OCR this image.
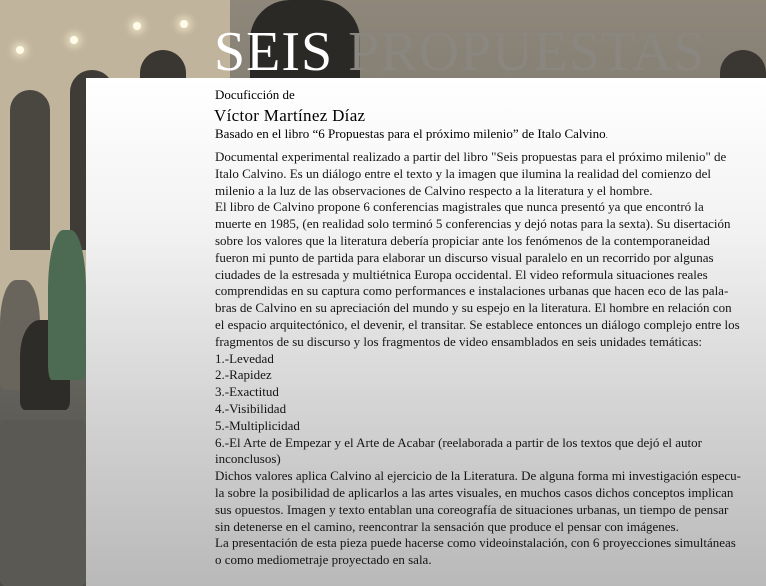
SEIS PROPUESTAS
Docuficción de
Víctor Martínez Díaz
Basado en el libro “6 Propuestas para el próximo milenio” de Italo Calvino.

Documental experimental realizado a partir del libro "Seis propuestas para el próximo milenio" de Italo Calvino. Es un diálogo entre el texto y la imagen que ilumina la realidad del comienzo del milenio a la luz de las observaciones de Calvino respecto a la literatura y el hombre.

El libro de Calvino propone 6 conferencias magistrales que nunca presentó ya que encontró la muerte en 1985, (en realidad solo terminó 5 conferencias y dejó notas para la sexta). Su disertación sobre los valores que la literatura debería propiciar ante los fenómenos de la contemporaneidad fueron mi punto de partida para elaborar un discurso visual paralelo en un recorrido por algunas ciudades de la estresada y multiétnica Europa occidental. El video reformula situaciones reales comprendidas en su captura como performances e instalaciones urbanas que hacen eco de las pala-bras de Calvino en su apreciación del mundo y su espejo en la literatura. El hombre en relación con el espacio arquitectónico, el devenir, el transitar. Se establece entonces un diálogo complejo entre los fragmentos de su discurso y los fragmentos de video ensamblados en seis unidades temáticas:

1.-Levedad
2.-Rapidez
3.-Exactitud
4.-Visibilidad
5.-Multiplicidad
6.-El Arte de Empezar y el Arte de Acabar (reelaborada a partir de los textos que dejó el autor inconclusos)

Dichos valores aplica Calvino al ejercicio de la Literatura. De alguna forma mi investigación especu-la sobre la posibilidad de aplicarlos a las artes visuales, en muchos casos dichos conceptos implican sus opuestos. Imagen y texto entablan una coreografía de situaciones urbanas, un tiempo de pensar sin detenerse en el camino, reencontrar la sensación que produce el pensar con imágenes.

La presentación de esta pieza puede hacerse como videoinstalación, con 6 proyecciones simultáneas o como mediometraje proyectado en sala.
